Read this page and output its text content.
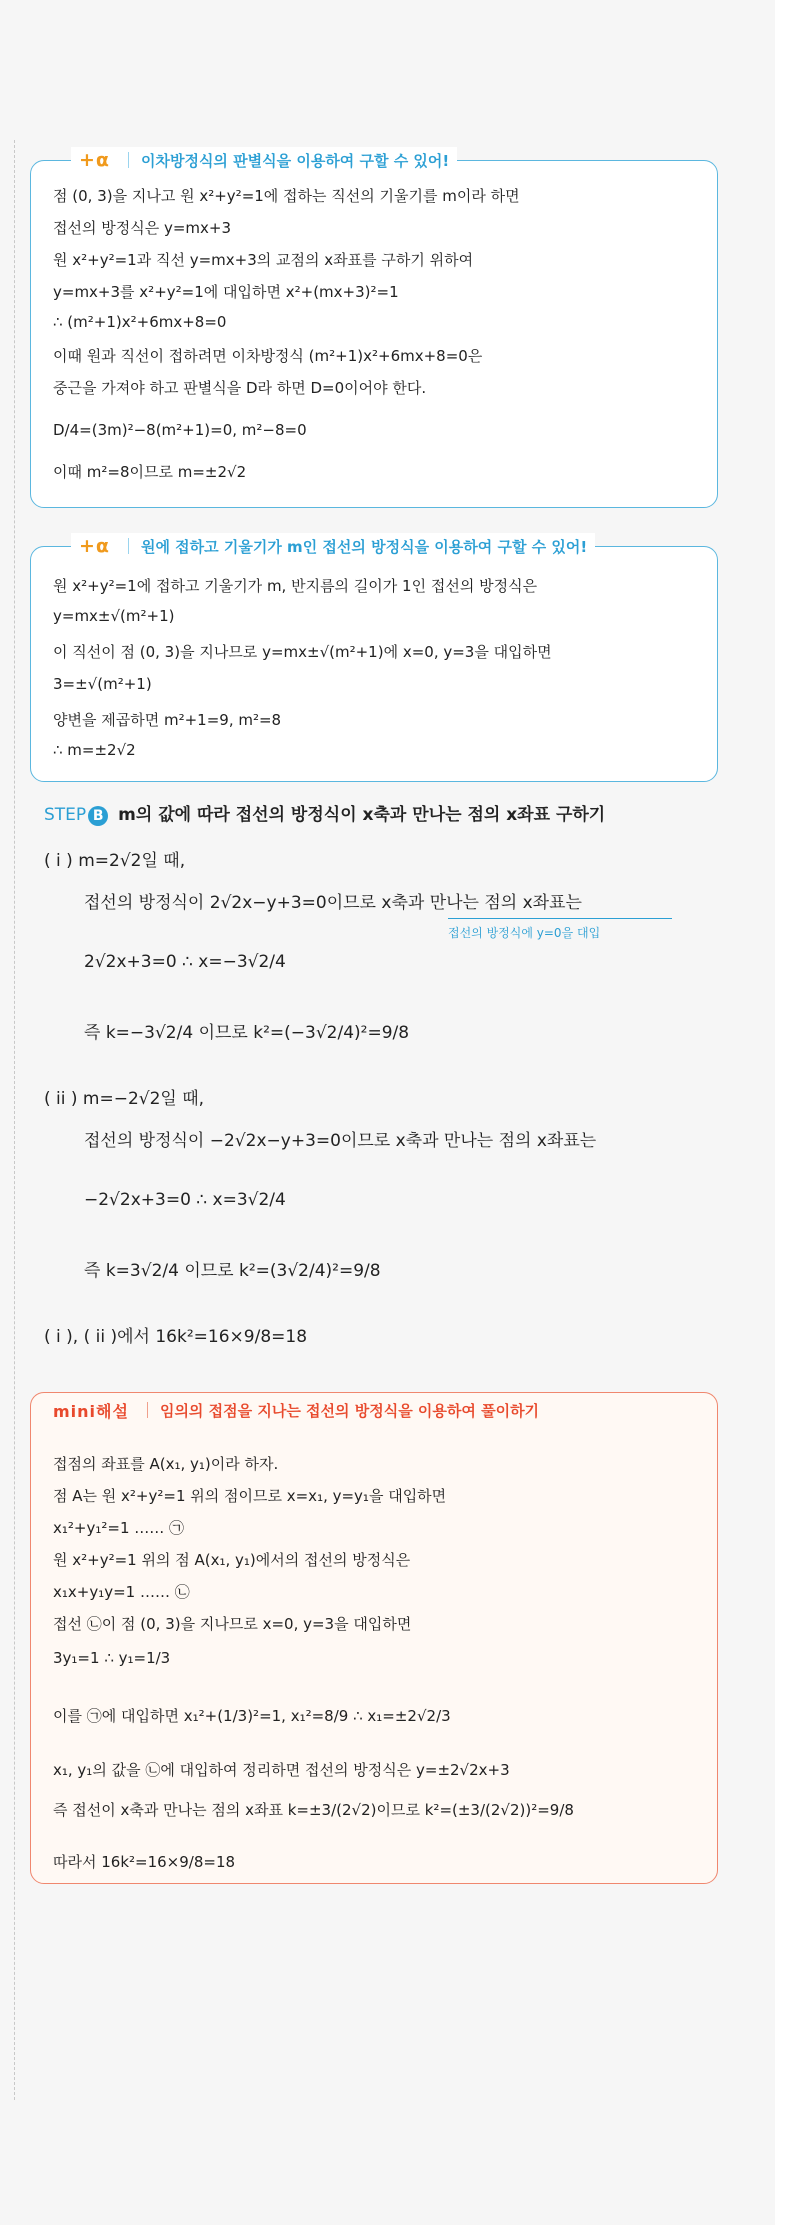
+α 이차방정식의 판별식을 이용하여 구할 수 있어!
점 (0, 3)을 지나고 원 x²+y²=1에 접하는 직선의 기울기를 m이라 하면
접선의 방정식은 y=mx+3
원 x²+y²=1과 직선 y=mx+3의 교점의 x좌표를 구하기 위하여
y=mx+3를 x²+y²=1에 대입하면 x²+(mx+3)²=1
∴ (m²+1)x²+6mx+8=0
이때 원과 직선이 접하려면 이차방정식 (m²+1)x²+6mx+8=0은
중근을 가져야 하고 판별식을 D라 하면 D=0이어야 한다.
D/4=(3m)²−8(m²+1)=0, m²−8=0
이때 m²=8이므로 m=±2√2
+α 원에 접하고 기울기가 m인 접선의 방정식을 이용하여 구할 수 있어!
원 x²+y²=1에 접하고 기울기가 m, 반지름의 길이가 1인 접선의 방정식은
y=mx±√(m²+1)
이 직선이 점 (0, 3)을 지나므로 y=mx±√(m²+1)에 x=0, y=3을 대입하면
3=±√(m²+1)
양변을 제곱하면 m²+1=9, m²=8
∴ m=±2√2
STEP B m의 값에 따라 접선의 방정식이 x축과 만나는 점의 x좌표 구하기
( i ) m=2√2일 때,
접선의 방정식이 2√2x−y+3=0이므로 x축과 만나는 점의 x좌표는
접선의 방정식에 y=0을 대입
2√2x+3=0 ∴ x=−3√2/4
즉 k=−3√2/4 이므로 k²=(−3√2/4)²=9/8
( ii ) m=−2√2일 때,
접선의 방정식이 −2√2x−y+3=0이므로 x축과 만나는 점의 x좌표는
−2√2x+3=0 ∴ x=3√2/4
즉 k=3√2/4 이므로 k²=(3√2/4)²=9/8
( i ), ( ii )에서 16k²=16×9/8=18
mini해설 임의의 접점을 지나는 접선의 방정식을 이용하여 풀이하기
접점의 좌표를 A(x₁, y₁)이라 하자.
점 A는 원 x²+y²=1 위의 점이므로 x=x₁, y=y₁을 대입하면
x₁²+y₁²=1 …… ㉠
원 x²+y²=1 위의 점 A(x₁, y₁)에서의 접선의 방정식은
x₁x+y₁y=1 …… ㉡
접선 ㉡이 점 (0, 3)을 지나므로 x=0, y=3을 대입하면
3y₁=1 ∴ y₁=1/3
이를 ㉠에 대입하면 x₁²+(1/3)²=1, x₁²=8/9 ∴ x₁=±2√2/3
x₁, y₁의 값을 ㉡에 대입하여 정리하면 접선의 방정식은 y=±2√2x+3
즉 접선이 x축과 만나는 점의 x좌표 k=±3/(2√2)이므로 k²=(±3/(2√2))²=9/8
따라서 16k²=16×9/8=18
